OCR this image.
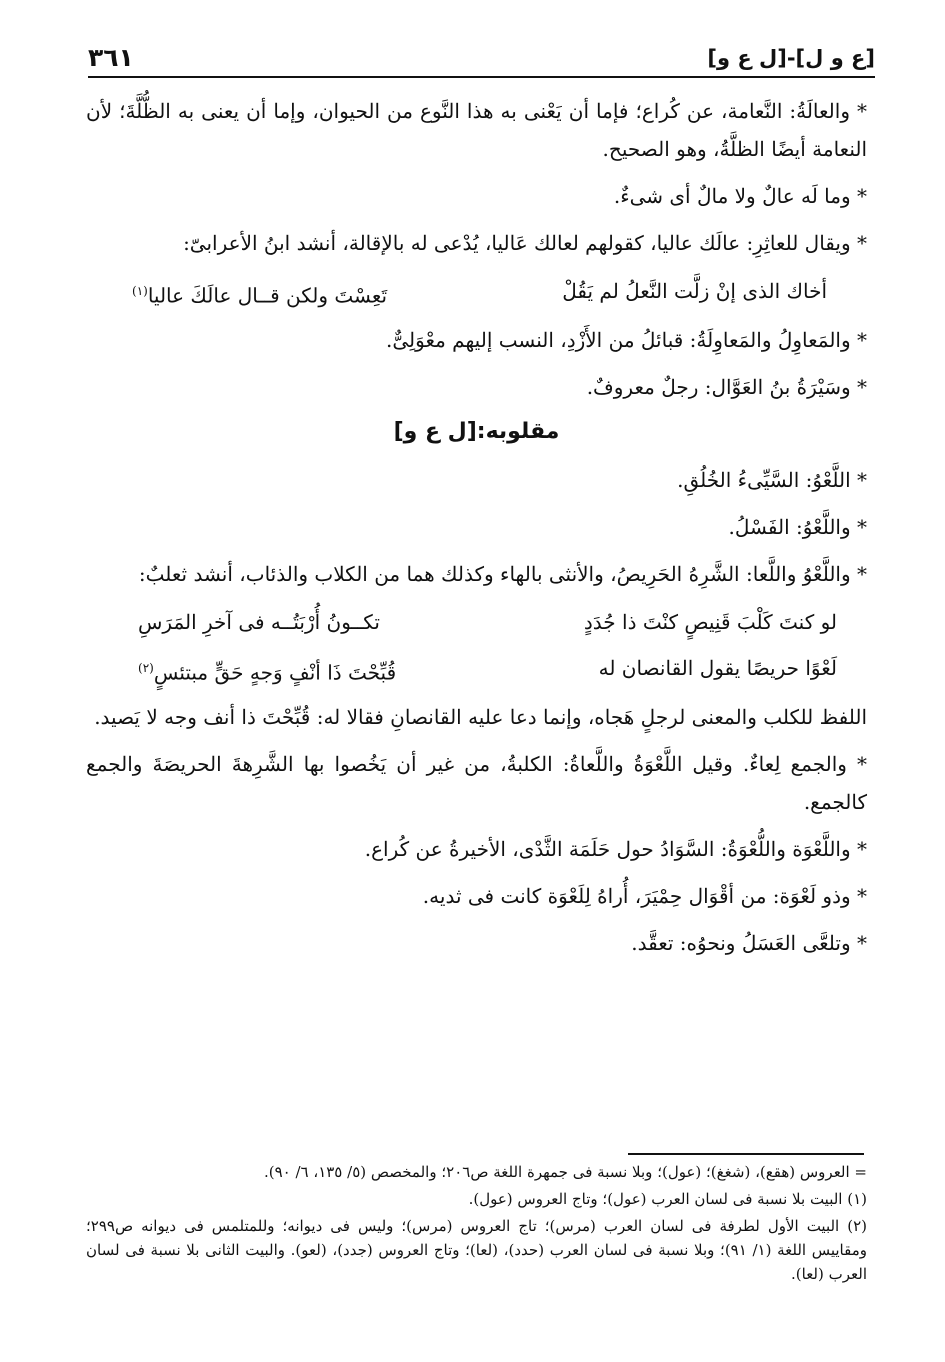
[ع و ل]-[ل ع و]
٣٦١

* والعالَةُ: النَّعامة، عن كُراع؛ فإما أن يَعْنى به هذا النَّوع من الحيوان، وإما أن يعنى به الظُّلَّةَ؛ لأن النعامة أيضًا الظلَّةُ، وهو الصحيح.

* وما لَه عالٌ ولا مالٌ أى شىءٌ.

* ويقال للعاثِرِ: عالَك عاليا، كقولهم لعالك عَاليا، يُدْعى له بالإقالة، أنشد ابنُ الأعرابىّ:

أخاك الذى إنْ زلَّت النَّعلُ لم يَقُلْ
تَعِسْتَ ولكن قــال عالَكَ عاليا$^{(١)}$

* والمَعاوِلُ والمَعاوِلَةُ: قبائلُ من الأَزْدِ، النسب إليهم معْوَلِىٌّ.

* وسَيْرَةُ بنُ العَوَّال: رجلٌ معروفٌ.

مقلوبه:[ل ع و]

* اللَّعْوُ: السَّيِّىءُ الخُلُقِ.

* واللَّعْوُ: الفَسْلُ.

* واللَّعْوُ واللَّعا: الشَّرِهُ الحَرِيصُ، والأنثى بالهاء وكذلك هما من الكلاب والذئاب، أنشد ثعلبٌ:

لو كنتَ كَلْبَ قَنِيصٍ كنْتَ ذا جُدَدٍ
تكــونُ أُرْبَتُــه فى آخرِ المَرَسِ
لَعْوًا حريصًا يقول القانصان له
قُبِّحْتَ ذَا أنْفٍ وَجهٍ حَقٍّ مبتئسٍ$^{(٢)}$

اللفظ للكلب والمعنى لرجلٍ هَجاه، وإنما دعا عليه القانصانِ فقالا له: قُبِّحْتَ ذا أنف وجه لا يَصيد.

* والجمع لِعاءٌ. وقيل اللَّعْوَةُ واللَّعاةُ: الكلبةُ، من غير أن يَخُصوا بها الشَّرِهةَ الحريصَةَ والجمع كالجمع.

* واللَّعْوَة واللُّعْوَةُ: السَّوَادُ حول حَلَمَة الثَّدْى، الأخيرةُ عن كُراع.

* وذو لَعْوَة: من أقْوَال حِمْيَرَ، أُراهُ لِلَعْوَة كانت فى ثديه.

* وتلعَّى العَسَلُ ونحوُه: تعقَّد.

= العروس (هقع)، (شغغ)؛ (عول)؛ وبلا نسبة فى جمهرة اللغة ص٢٠٦؛ والمخصص (٥/ ١٣٥، ٦/ ٩٠).

(١) البيت بلا نسبة فى لسان العرب (عول)؛ وتاج العروس (عول).

(٢) البيت الأول لطرفة فى لسان العرب (مرس)؛ تاج العروس (مرس)؛ وليس فى ديوانه؛ وللمتلمس فى ديوانه ص٢٩٩؛ ومقاييس اللغة (١/ ٩١)؛ وبلا نسبة فى لسان العرب (حدد)، (لعا)؛ وتاج العروس (جدد)، (لعو). والبيت الثانى بلا نسبة فى لسان العرب (لعا).
